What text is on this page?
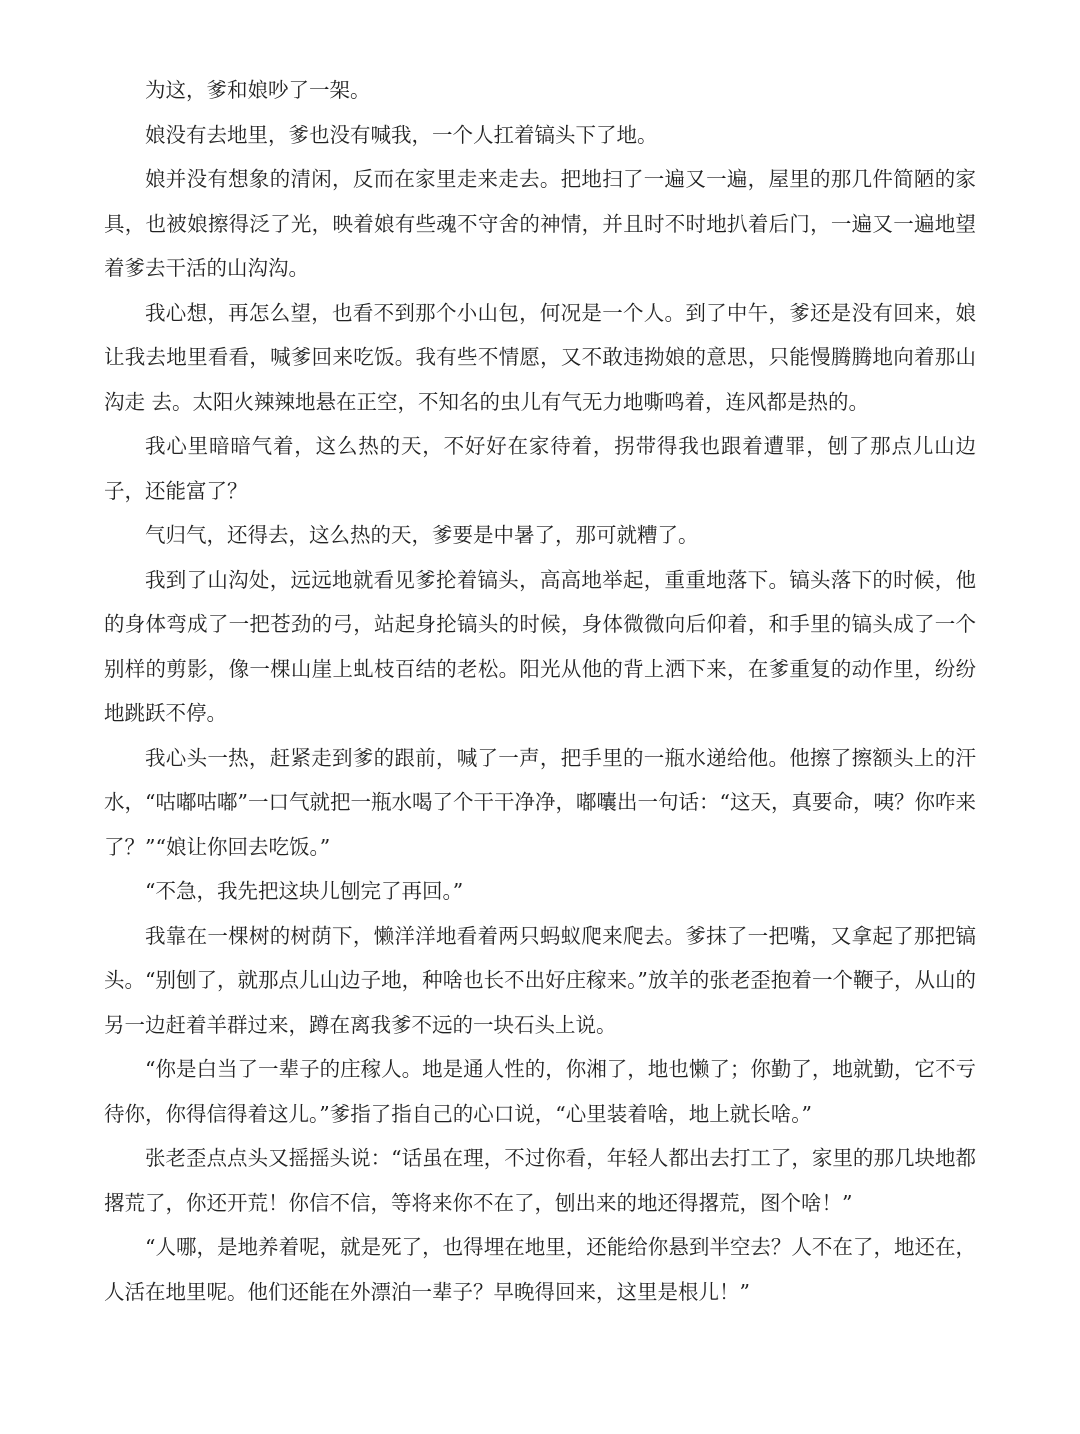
为这，爹和娘吵了一架。

娘没有去地里，爹也没有喊我，一个人扛着镐头下了地。

娘并没有想象的清闲，反而在家里走来走去。把地扫了一遍又一遍，屋里的那几件简陋的家具，也被娘擦得泛了光，映着娘有些魂不守舍的神情，并且时不时地扒着后门，一遍又一遍地望着爹去干活的山沟沟。

我心想，再怎么望，也看不到那个小山包，何况是一个人。到了中午，爹还是没有回来，娘让我去地里看看，喊爹回来吃饭。我有些不情愿，又不敢违拗娘的意思，只能慢腾腾地向着那山沟走 去。太阳火辣辣地悬在正空，不知名的虫儿有气无力地嘶鸣着，连风都是热的。

我心里暗暗气着，这么热的天，不好好在家待着，拐带得我也跟着遭罪，刨了那点儿山边子，还能富了？

气归气，还得去，这么热的天，爹要是中暑了，那可就糟了。

我到了山沟处，远远地就看见爹抡着镐头，高高地举起，重重地落下。镐头落下的时候，他的身体弯成了一把苍劲的弓，站起身抡镐头的时候，身体微微向后仰着，和手里的镐头成了一个别样的剪影，像一棵山崖上虬枝百结的老松。阳光从他的背上洒下来，在爹重复的动作里，纷纷地跳跃不停。

我心头一热，赶紧走到爹的跟前，喊了一声，把手里的一瓶水递给他。他擦了擦额头上的汗水，“咕嘟咕嘟”一口气就把一瓶水喝了个干干净净，嘟囔出一句话：“这天，真要命，咦？你咋来了？”“娘让你回去吃饭。”

“不急，我先把这块儿刨完了再回。”

我靠在一棵树的树荫下，懒洋洋地看着两只蚂蚁爬来爬去。爹抹了一把嘴，又拿起了那把镐头。“别刨了，就那点儿山边子地，种啥也长不出好庄稼来。”放羊的张老歪抱着一个鞭子，从山的另一边赶着羊群过来，蹲在离我爹不远的一块石头上说。

“你是白当了一辈子的庄稼人。地是通人性的，你湘了，地也懒了；你勤了，地就勤，它不亏待你，你得信得着这儿。”爹指了指自己的心口说，“心里装着啥，地上就长啥。”

张老歪点点头又摇摇头说：“话虽在理，不过你看，年轻人都出去打工了，家里的那几块地都撂荒了，你还开荒！你信不信，等将来你不在了，刨出来的地还得撂荒，图个啥！”

“人哪，是地养着呢，就是死了，也得埋在地里，还能给你悬到半空去？人不在了，地还在，人活在地里呢。他们还能在外漂泊一辈子？早晚得回来，这里是根儿！”
